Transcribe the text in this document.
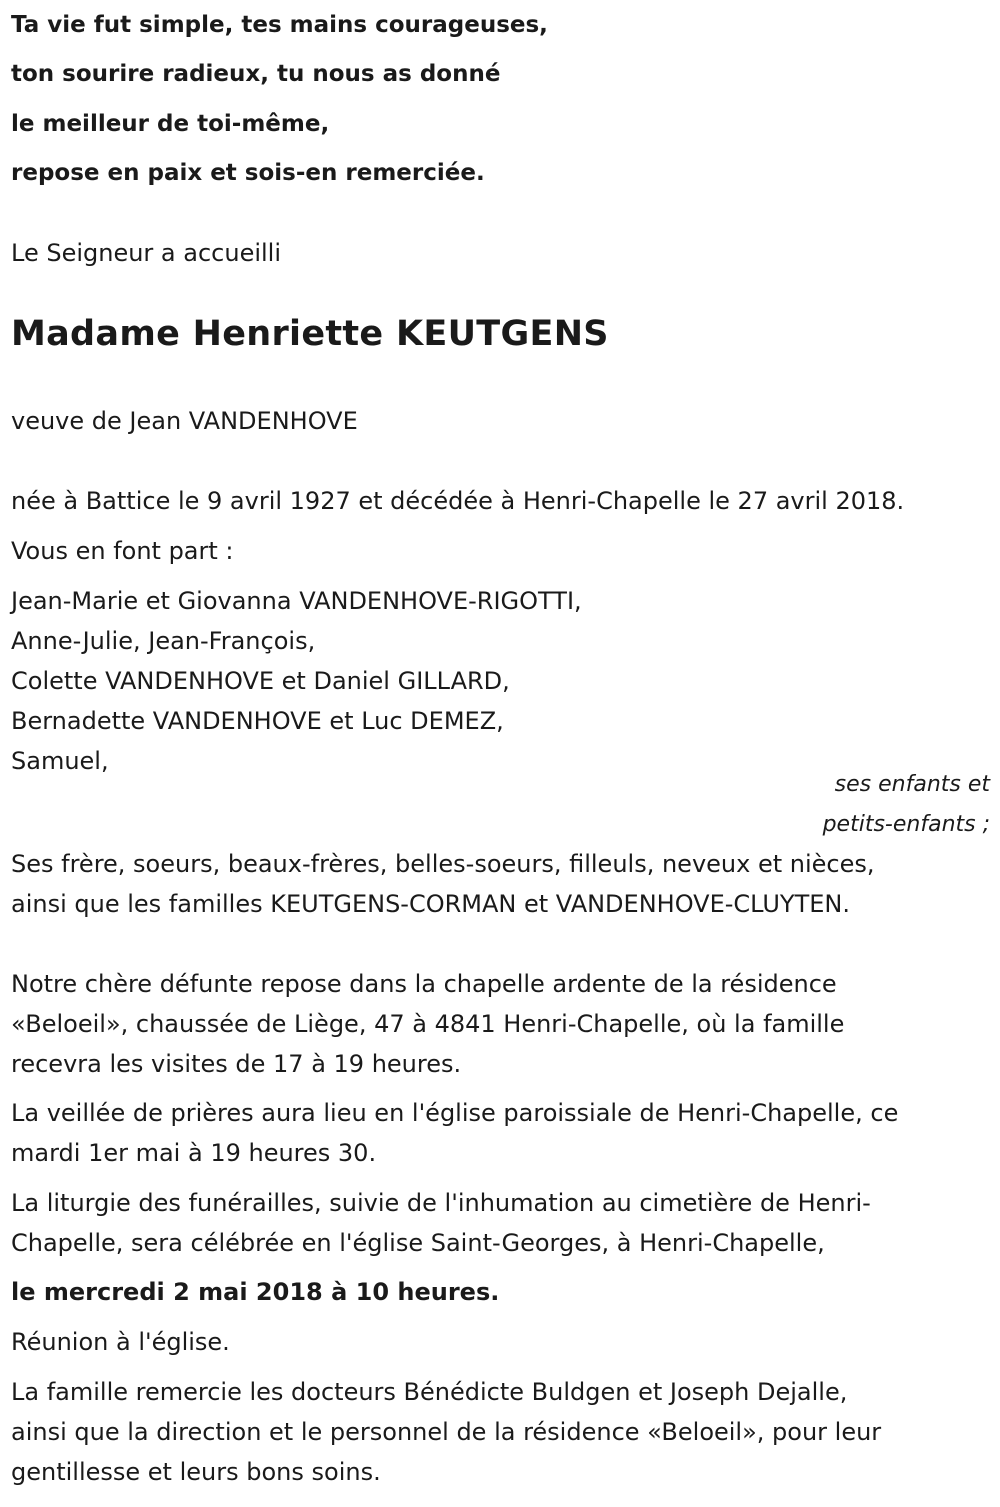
Ta vie fut simple, tes mains courageuses,

ton sourire radieux, tu nous as donné

le meilleur de toi-même,

repose en paix et sois-en remerciée.

Le Seigneur a accueilli

Madame Henriette KEUTGENS

veuve de Jean VANDENHOVE

née à Battice le 9 avril 1927 et décédée à Henri-Chapelle le 27 avril 2018.

Vous en font part :

Jean-Marie et Giovanna VANDENHOVE-RIGOTTI,

Anne-Julie, Jean-François,

Colette VANDENHOVE et Daniel GILLARD,

Bernadette VANDENHOVE et Luc DEMEZ,

Samuel,

ses enfants et

petits-enfants ;

Ses frère, soeurs, beaux-frères, belles-soeurs, filleuls, neveux et nièces,

ainsi que les familles KEUTGENS-CORMAN et VANDENHOVE-CLUYTEN.

Notre chère défunte repose dans la chapelle ardente de la résidence

«Beloeil», chaussée de Liège, 47 à 4841 Henri-Chapelle, où la famille

recevra les visites de 17 à 19 heures.

La veillée de prières aura lieu en l'église paroissiale de Henri-Chapelle, ce

mardi 1er mai à 19 heures 30.

La liturgie des funérailles, suivie de l'inhumation au cimetière de Henri-

Chapelle, sera célébrée en l'église Saint-Georges, à Henri-Chapelle,

le mercredi 2 mai 2018 à 10 heures.

Réunion à l'église.

La famille remercie les docteurs Bénédicte Buldgen et Joseph Dejalle,

ainsi que la direction et le personnel de la résidence «Beloeil», pour leur

gentillesse et leurs bons soins.
